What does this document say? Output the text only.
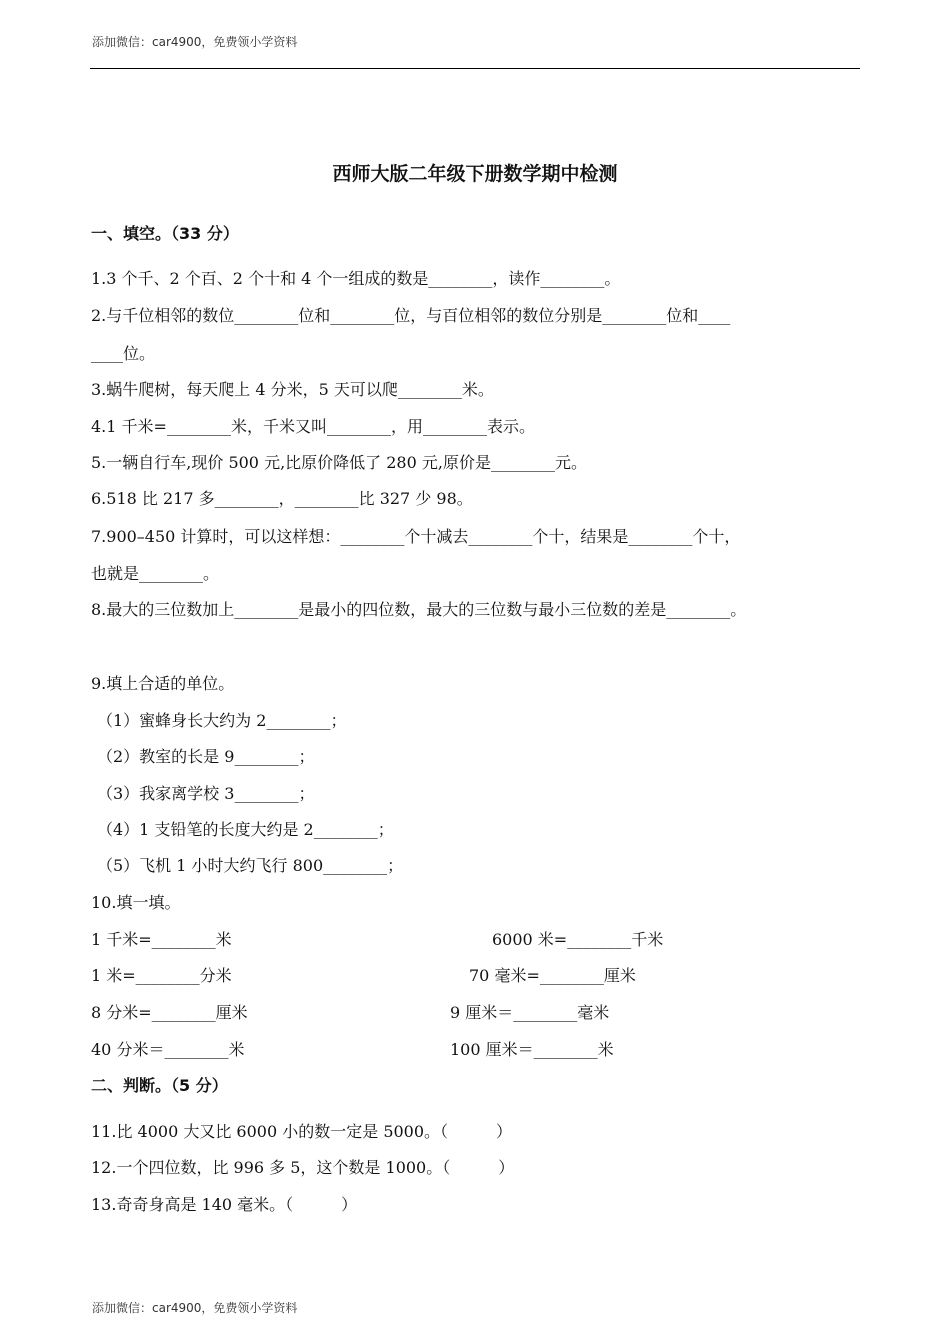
添加微信：car4900，免费领小学资料
西师大版二年级下册数学期中检测
一、填空。（33 分）
1.3 个千、2 个百、2 个十和 4 个一组成的数是________，读作________。
2.与千位相邻的数位________位和________位，与百位相邻的数位分别是________位和____
____位。
3.蜗牛爬树，每天爬上 4 分米，5 天可以爬________米。
4.1 千米=________米，千米又叫________，用________表示。
5.一辆自行车,现价 500 元,比原价降低了 280 元,原价是________元。
6.518 比 217 多________，________比 327 少 98。
7.900–450 计算时，可以这样想：________个十减去________个十，结果是________个十，
也就是________。
8.最大的三位数加上________是最小的四位数，最大的三位数与最小三位数的差是________。
9.填上合适的单位。
（1）蜜蜂身长大约为 2________；
（2）教室的长是 9________；
（3）我家离学校 3________；
（4）1 支铅笔的长度大约是 2________；
（5）飞机 1 小时大约飞行 800________；
10.填一填。
1 千米=________米	6000 米=________千米
1 米=________分米	70 毫米=________厘米
8 分米=________厘米	9 厘米＝________毫米
40 分米＝________米	100 厘米＝________米
二、判断。（5 分）
11.比 4000 大又比 6000 小的数一定是 5000。（　　　）
12.一个四位数，比 996 多 5，这个数是 1000。（　　　）
13.奇奇身高是 140 毫米。（　　　）
添加微信：car4900，免费领小学资料
